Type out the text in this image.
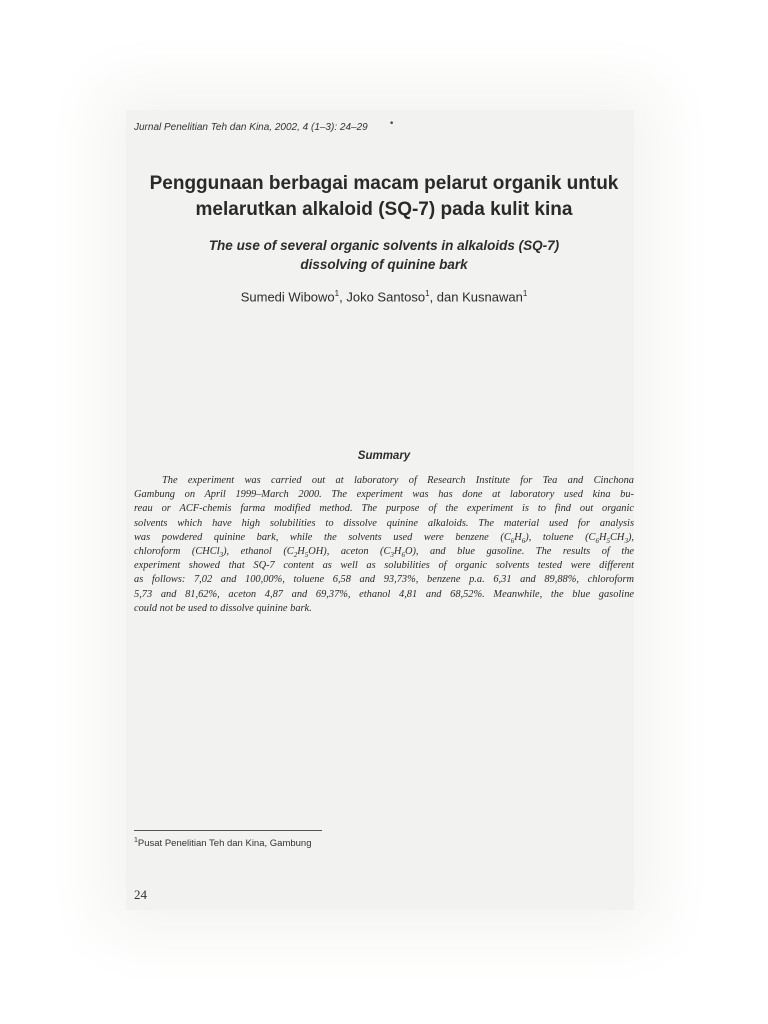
Jurnal Penelitian Teh dan Kina, 2002, 4 (1–3): 24–29 •
Penggunaan berbagai macam pelarut organik untuk
melarutkan alkaloid (SQ-7) pada kulit kina
The use of several organic solvents in alkaloids (SQ-7)
dissolving of quinine bark
Sumedi Wibowo$^1$, Joko Santoso$^1$, dan Kusnawan$^1$
Summary
The experiment was carried out at laboratory of Research Institute for Tea and Cinchona
Gambung on April 1999–March 2000. The experiment was has done at laboratory used kina bu-
reau or ACF-chemis farma modified method. The purpose of the experiment is to find out organic
solvents which have high solubilities to dissolve quinine alkaloids. The material used for analysis
was powdered quinine bark, while the solvents used were benzene $(C_6H_6)$, toluene $(C_6H_5CH_3)$,
chloroform (CHCl$_3$), ethanol $(C_2H_5OH)$, aceton $(C_3H_6O)$, and blue gasoline. The results of the
experiment showed that SQ-7 content as well as solubilities of organic solvents tested were different
as follows: 7,02 and 100,00%, toluene 6,58 and 93,73%, benzene p.a. 6,31 and 89,88%, chloroform
5,73 and 81,62%, aceton 4,87 and 69,37%, ethanol 4,81 and 68,52%. Meanwhile, the blue gasoline
could not be used to dissolve quinine bark.
$^1$Pusat Penelitian Teh dan Kina, Gambung
24
